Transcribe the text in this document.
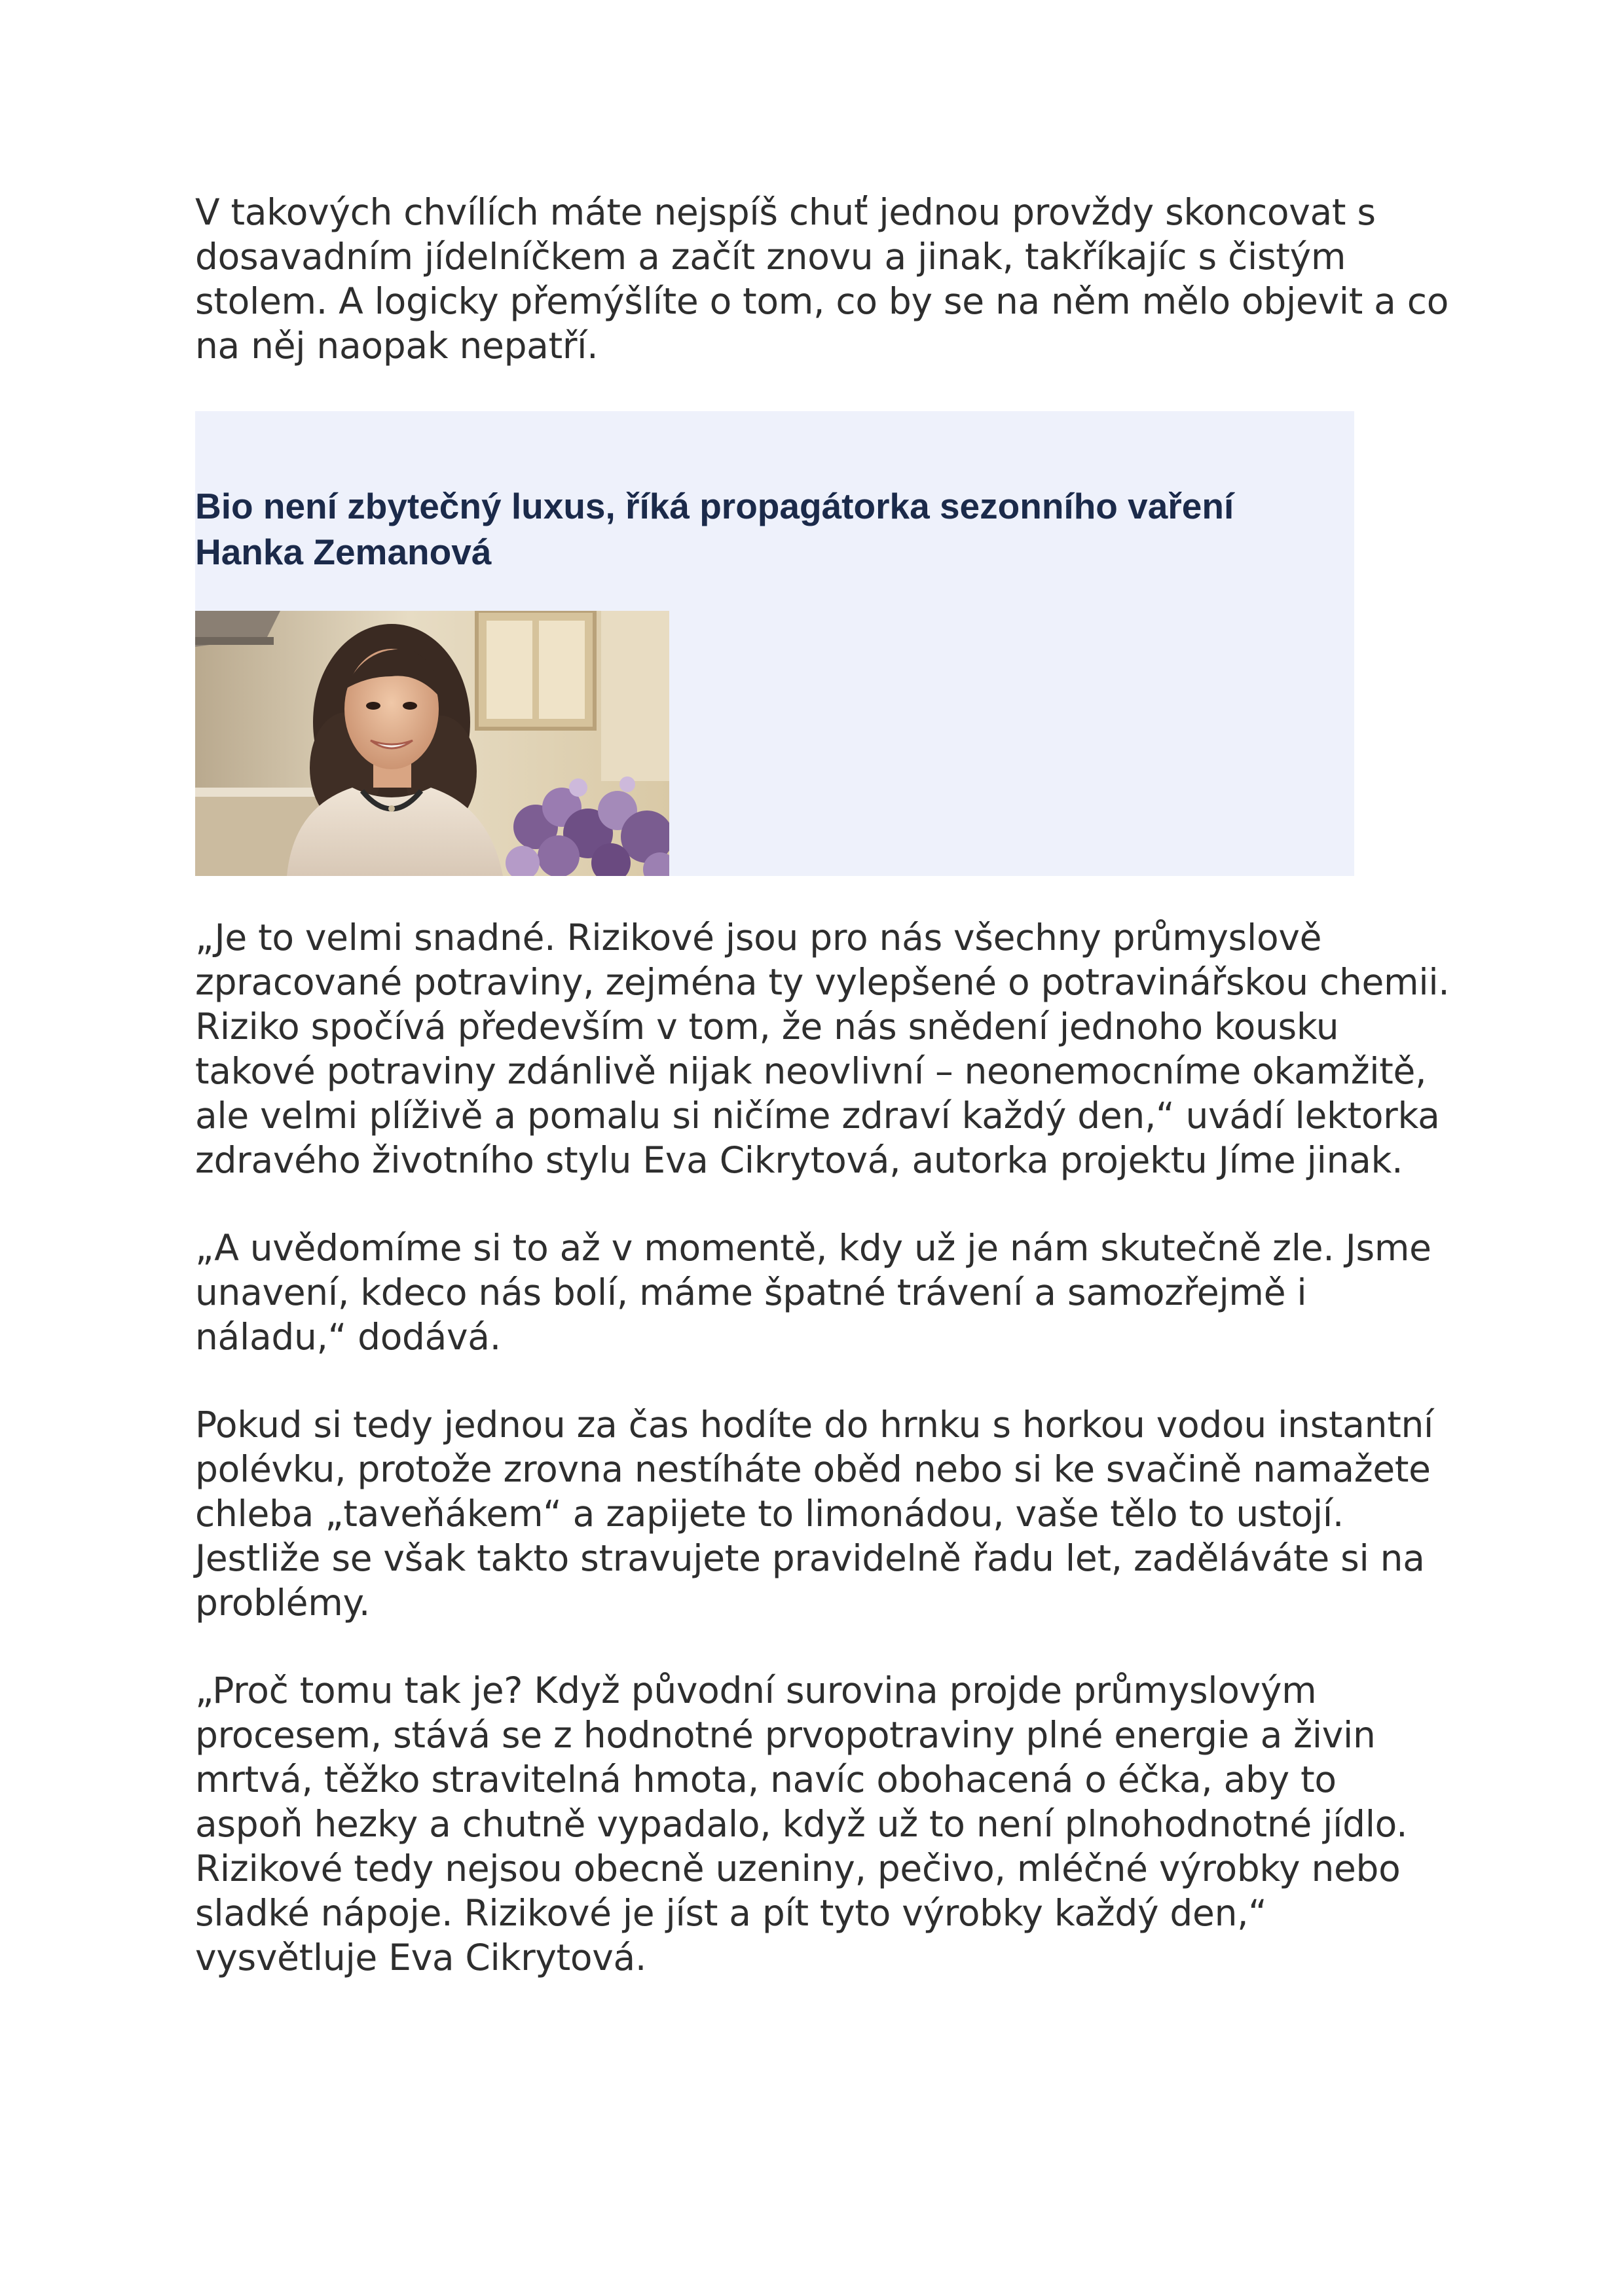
V takových chvílích máte nejspíš chuť jednou provždy skoncovat s dosavadním jídelníčkem a začít znovu a jinak, takříkajíc s čistým stolem. A logicky přemýšlíte o tom, co by se na něm mělo objevit a co na něj naopak nepatří.

Bio není zbytečný luxus, říká propagátorka sezonního vaření Hanka Zemanová

„Je to velmi snadné. Rizikové jsou pro nás všechny průmyslově zpracované potraviny, zejména ty vylepšené o potravinářskou chemii. Riziko spočívá především v tom, že nás snědení jednoho kousku takové potraviny zdánlivě nijak neovlivní – neonemocníme okamžitě, ale velmi plíživě a pomalu si ničíme zdraví každý den,“ uvádí lektorka zdravého životního stylu Eva Cikrytová, autorka projektu Jíme jinak.

„A uvědomíme si to až v momentě, kdy už je nám skutečně zle. Jsme unavení, kdeco nás bolí, máme špatné trávení a samozřejmě i náladu,“ dodává.

Pokud si tedy jednou za čas hodíte do hrnku s horkou vodou instantní polévku, protože zrovna nestíháte oběd nebo si ke svačině namažete chleba „taveňákem“ a zapijete to limonádou, vaše tělo to ustojí. Jestliže se však takto stravujete pravidelně řadu let, zaděláváte si na problémy.

„Proč tomu tak je? Když původní surovina projde průmyslovým procesem, stává se z hodnotné prvopotraviny plné energie a živin mrtvá, těžko stravitelná hmota, navíc obohacená o éčka, aby to aspoň hezky a chutně vypadalo, když už to není plnohodnotné jídlo. Rizikové tedy nejsou obecně uzeniny, pečivo, mléčné výrobky nebo sladké nápoje. Rizikové je jíst a pít tyto výrobky každý den,“ vysvětluje Eva Cikrytová.
